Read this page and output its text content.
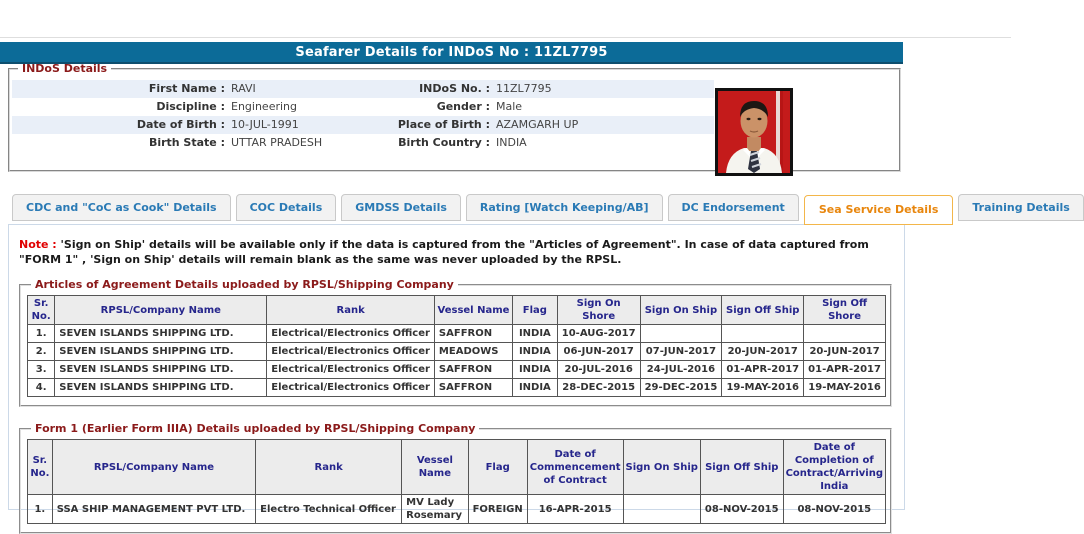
Seafarer Details for INDoS No : 11ZL7795
INDoS Details
First Name : RAVI	INDoS No. : 11ZL7795
Discipline : Engineering	Gender : Male
Date of Birth : 10-JUL-1991	Place of Birth : AZAMGARH UP
Birth State : UTTAR PRADESH	Birth Country : INDIA
CDC and "CoC as Cook" Details	COC Details	GMDSS Details	Rating [Watch Keeping/AB]	DC Endorsement	Sea Service Details	Training Details
Note : 'Sign on Ship' details will be available only if the data is captured from the "Articles of Agreement". In case of data captured from "FORM 1" , 'Sign on Ship' details will remain blank as the same was never uploaded by the RPSL.
Articles of Agreement Details uploaded by RPSL/Shipping Company
Sr. No.	RPSL/Company Name	Rank	Vessel Name	Flag	Sign On Shore	Sign On Ship	Sign Off Ship	Sign Off Shore
1.	SEVEN ISLANDS SHIPPING LTD.	Electrical/Electronics Officer	SAFFRON	INDIA	10-AUG-2017			
2.	SEVEN ISLANDS SHIPPING LTD.	Electrical/Electronics Officer	MEADOWS	INDIA	06-JUN-2017	07-JUN-2017	20-JUN-2017	20-JUN-2017
3.	SEVEN ISLANDS SHIPPING LTD.	Electrical/Electronics Officer	SAFFRON	INDIA	20-JUL-2016	24-JUL-2016	01-APR-2017	01-APR-2017
4.	SEVEN ISLANDS SHIPPING LTD.	Electrical/Electronics Officer	SAFFRON	INDIA	28-DEC-2015	29-DEC-2015	19-MAY-2016	19-MAY-2016
Form 1 (Earlier Form IIIA) Details uploaded by RPSL/Shipping Company
Sr. No.	RPSL/Company Name	Rank	Vessel Name	Flag	Date of Commencement of Contract	Sign On Ship	Sign Off Ship	Date of Completion of Contract/Arriving India
1.	SSA SHIP MANAGEMENT PVT LTD.	Electro Technical Officer	MV Lady Rosemary	FOREIGN	16-APR-2015		08-NOV-2015	08-NOV-2015
